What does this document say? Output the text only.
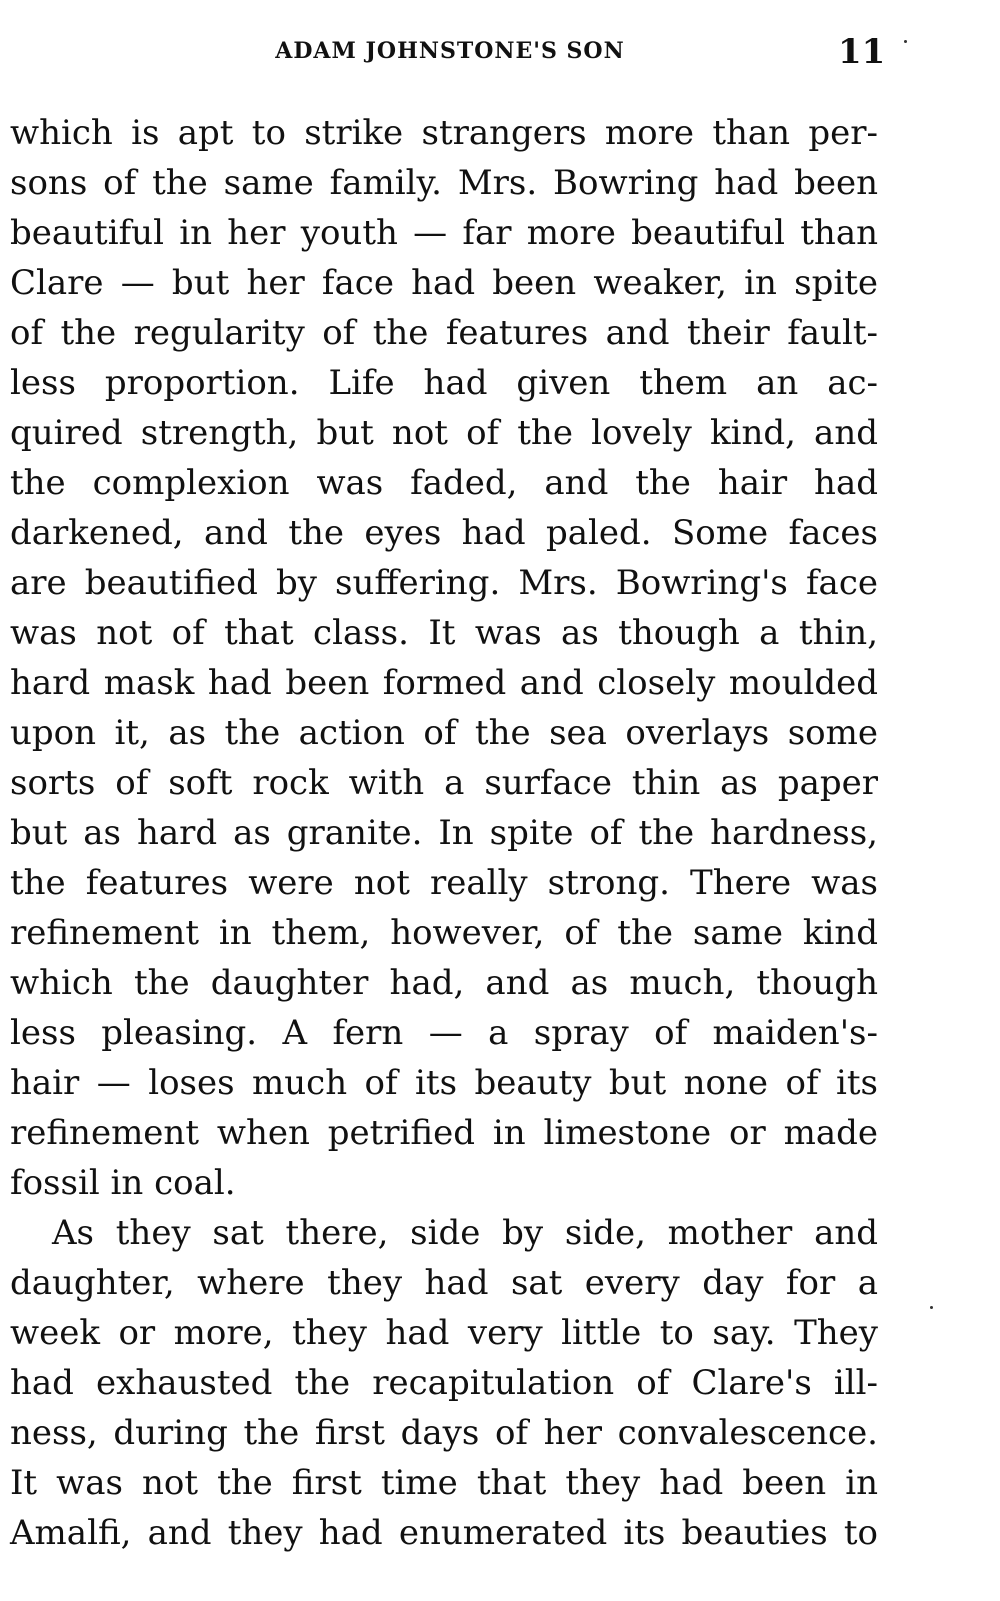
ADAM JOHNSTONE'S SON	11
which is apt to strike strangers more than per-
sons of the same family. Mrs. Bowring had been
beautiful in her youth — far more beautiful than
Clare — but her face had been weaker, in spite
of the regularity of the features and their fault-
less proportion. Life had given them an ac-
quired strength, but not of the lovely kind, and
the complexion was faded, and the hair had
darkened, and the eyes had paled. Some faces
are beautified by suffering. Mrs. Bowring's face
was not of that class. It was as though a thin,
hard mask had been formed and closely moulded
upon it, as the action of the sea overlays some
sorts of soft rock with a surface thin as paper
but as hard as granite. In spite of the hardness,
the features were not really strong. There was
refinement in them, however, of the same kind
which the daughter had, and as much, though
less pleasing. A fern — a spray of maiden's-
hair — loses much of its beauty but none of its
refinement when petrified in limestone or made
fossil in coal.
As they sat there, side by side, mother and
daughter, where they had sat every day for a
week or more, they had very little to say. They
had exhausted the recapitulation of Clare's ill-
ness, during the first days of her convalescence.
It was not the first time that they had been in
Amalfi, and they had enumerated its beauties to
